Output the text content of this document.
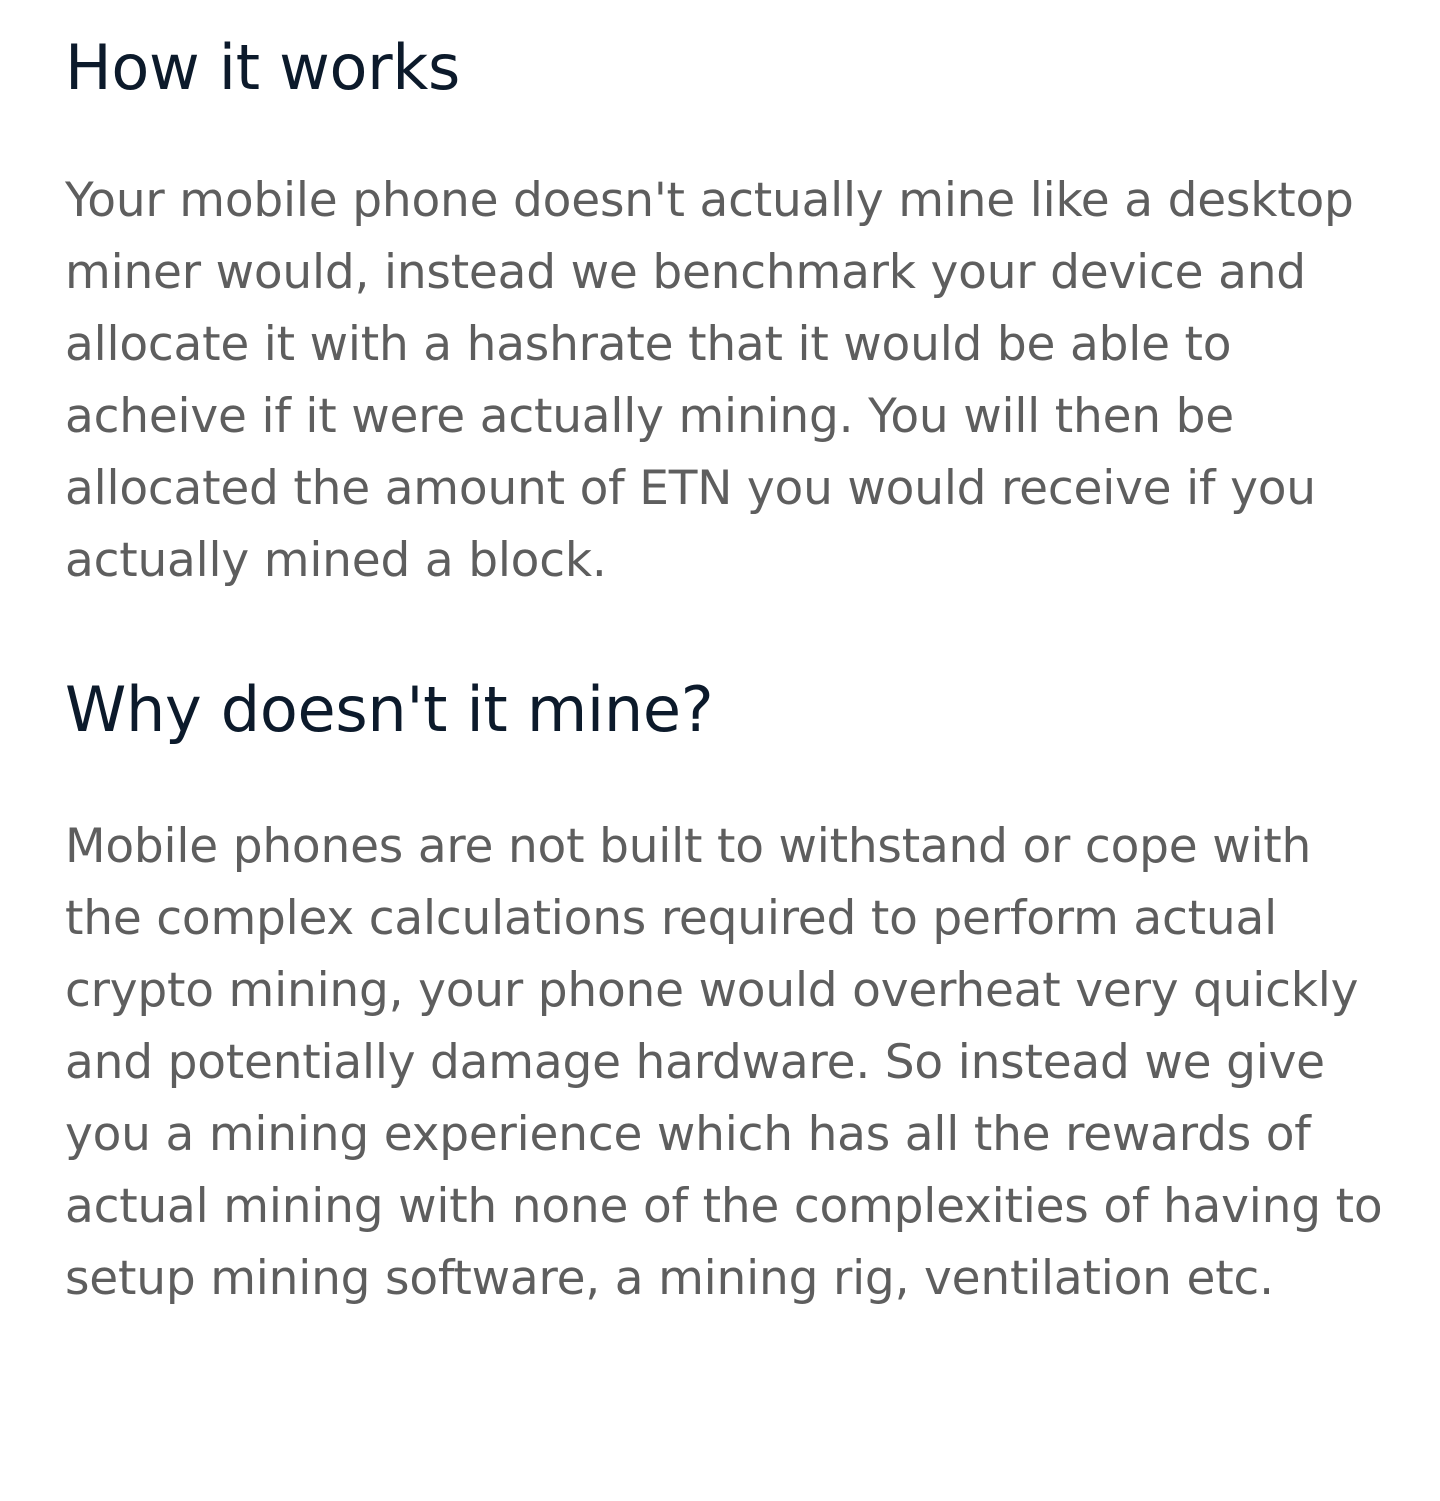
How it works

Your mobile phone doesn't actually mine like a desktop miner would, instead we benchmark your device and allocate it with a hashrate that it would be able to acheive if it were actually mining. You will then be allocated the amount of ETN you would receive if you actually mined a block.

Why doesn't it mine?

Mobile phones are not built to withstand or cope with the complex calculations required to perform actual crypto mining, your phone would overheat very quickly and potentially damage hardware. So instead we give you a mining experience which has all the rewards of actual mining with none of the complexities of having to setup mining software, a mining rig, ventilation etc.
